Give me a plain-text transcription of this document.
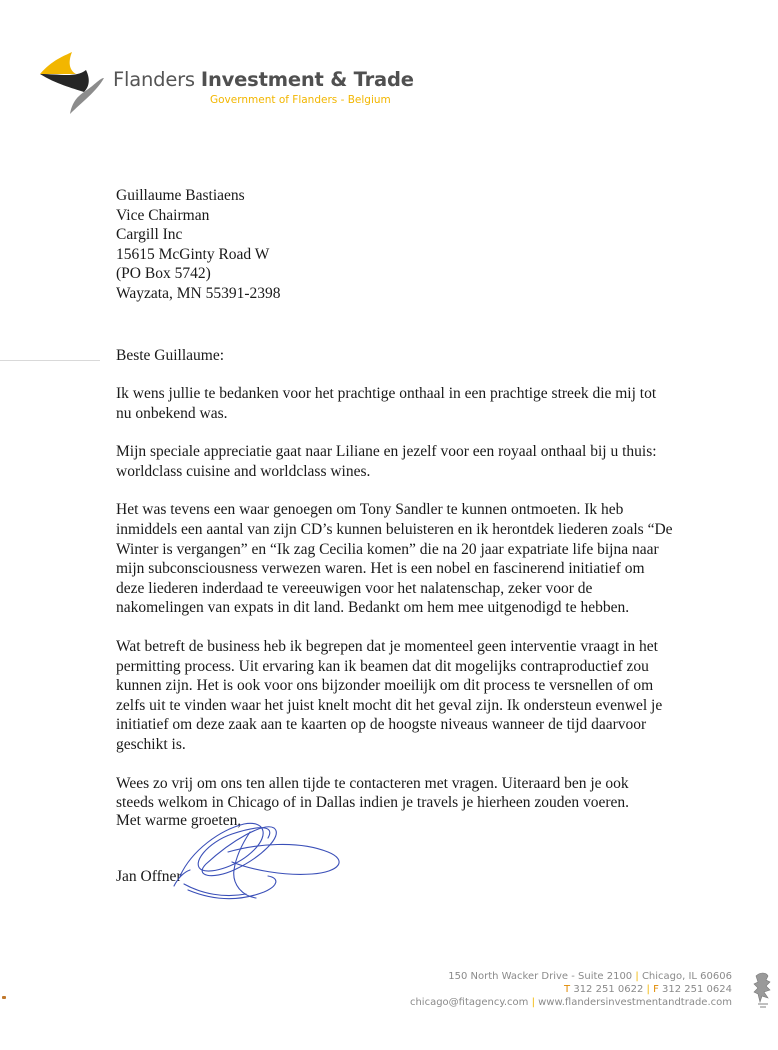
Flanders Investment & Trade
Government of Flanders - Belgium
Guillaume Bastiaens
Vice Chairman
Cargill Inc
15615 McGinty Road W
(PO Box 5742)
Wayzata, MN 55391-2398
Beste Guillaume:

Ik wens jullie te bedanken voor het prachtige onthaal in een prachtige streek die mij tot
nu onbekend was.

Mijn speciale appreciatie gaat naar Liliane en jezelf voor een royaal onthaal bij u thuis:
worldclass cuisine and worldclass wines.

Het was tevens een waar genoegen om Tony Sandler te kunnen ontmoeten. Ik heb
inmiddels een aantal van zijn CD’s kunnen beluisteren en ik herontdek liederen zoals “De
Winter is vergangen” en “Ik zag Cecilia komen” die na 20 jaar expatriate life bijna naar
mijn subconsciousness verwezen waren. Het is een nobel en fascinerend initiatief om
deze liederen inderdaad te vereeuwigen voor het nalatenschap, zeker voor de
nakomelingen van expats in dit land. Bedankt om hem mee uitgenodigd te hebben.

Wat betreft de business heb ik begrepen dat je momenteel geen interventie vraagt in het
permitting process. Uit ervaring kan ik beamen dat dit mogelijks contraproductief zou
kunnen zijn. Het is ook voor ons bijzonder moeilijk om dit process te versnellen of om
zelfs uit te vinden waar het juist knelt mocht dit het geval zijn. Ik ondersteun evenwel je
initiatief om deze zaak aan te kaarten op de hoogste niveaus wanneer de tijd daarvoor
geschikt is.

Wees zo vrij om ons ten allen tijde te contacteren met vragen. Uiteraard ben je ook
steeds welkom in Chicago of in Dallas indien je travels je hierheen zouden voeren.

Met warme groeten,
Jan Offner
150 North Wacker Drive - Suite 2100 | Chicago, IL 60606
T 312 251 0622 | F 312 251 0624
chicago@fitagency.com | www.flandersinvestmentandtrade.com
